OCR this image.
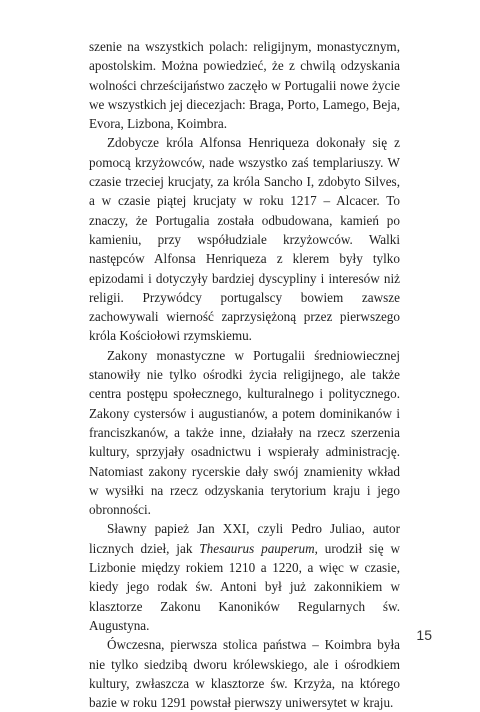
szenie na wszystkich polach: religijnym, monastycznym, apostolskim. Można powiedzieć, że z chwilą odzyskania wolności chrześcijaństwo zaczęło w Portugalii nowe życie we wszystkich jej diecezjach: Braga, Porto, Lamego, Beja, Evora, Lizbona, Koimbra.

Zdobycze króla Alfonsa Henriqueza dokonały się z pomocą krzyżowców, nade wszystko zaś templariuszy. W czasie trzeciej krucjaty, za króla Sancho I, zdobyto Silves, a w czasie piątej krucjaty w roku 1217 – Alcacer. To znaczy, że Portugalia została odbudowana, kamień po kamieniu, przy współudziale krzyżowców. Walki następców Alfonsa Henriqueza z klerem były tylko epizodami i dotyczyły bardziej dyscypliny i interesów niż religii. Przywódcy portugalscy bowiem zawsze zachowywali wierność zaprzysiężoną przez pierwszego króla Kościołowi rzymskiemu.

Zakony monastyczne w Portugalii średniowiecznej stanowiły nie tylko ośrodki życia religijnego, ale także centra postępu społecznego, kulturalnego i politycznego. Zakony cystersów i augustianów, a potem dominikanów i franciszkanów, a także inne, działały na rzecz szerzenia kultury, sprzyjały osadnictwu i wspierały administrację. Natomiast zakony rycerskie dały swój znamienity wkład w wysiłki na rzecz odzyskania terytorium kraju i jego obronności.

Sławny papież Jan XXI, czyli Pedro Juliao, autor licznych dzieł, jak Thesaurus pauperum, urodził się w Lizbonie między rokiem 1210 a 1220, a więc w czasie, kiedy jego rodak św. Antoni był już zakonnikiem w klasztorze Zakonu Kanoników Regularnych św. Augustyna.

Ówczesna, pierwsza stolica państwa – Koimbra była nie tylko siedzibą dworu królewskiego, ale i ośrodkiem kultury, zwłaszcza w klasztorze św. Krzyża, na którego bazie w roku 1291 powstał pierwszy uniwersytet w kraju.

15
